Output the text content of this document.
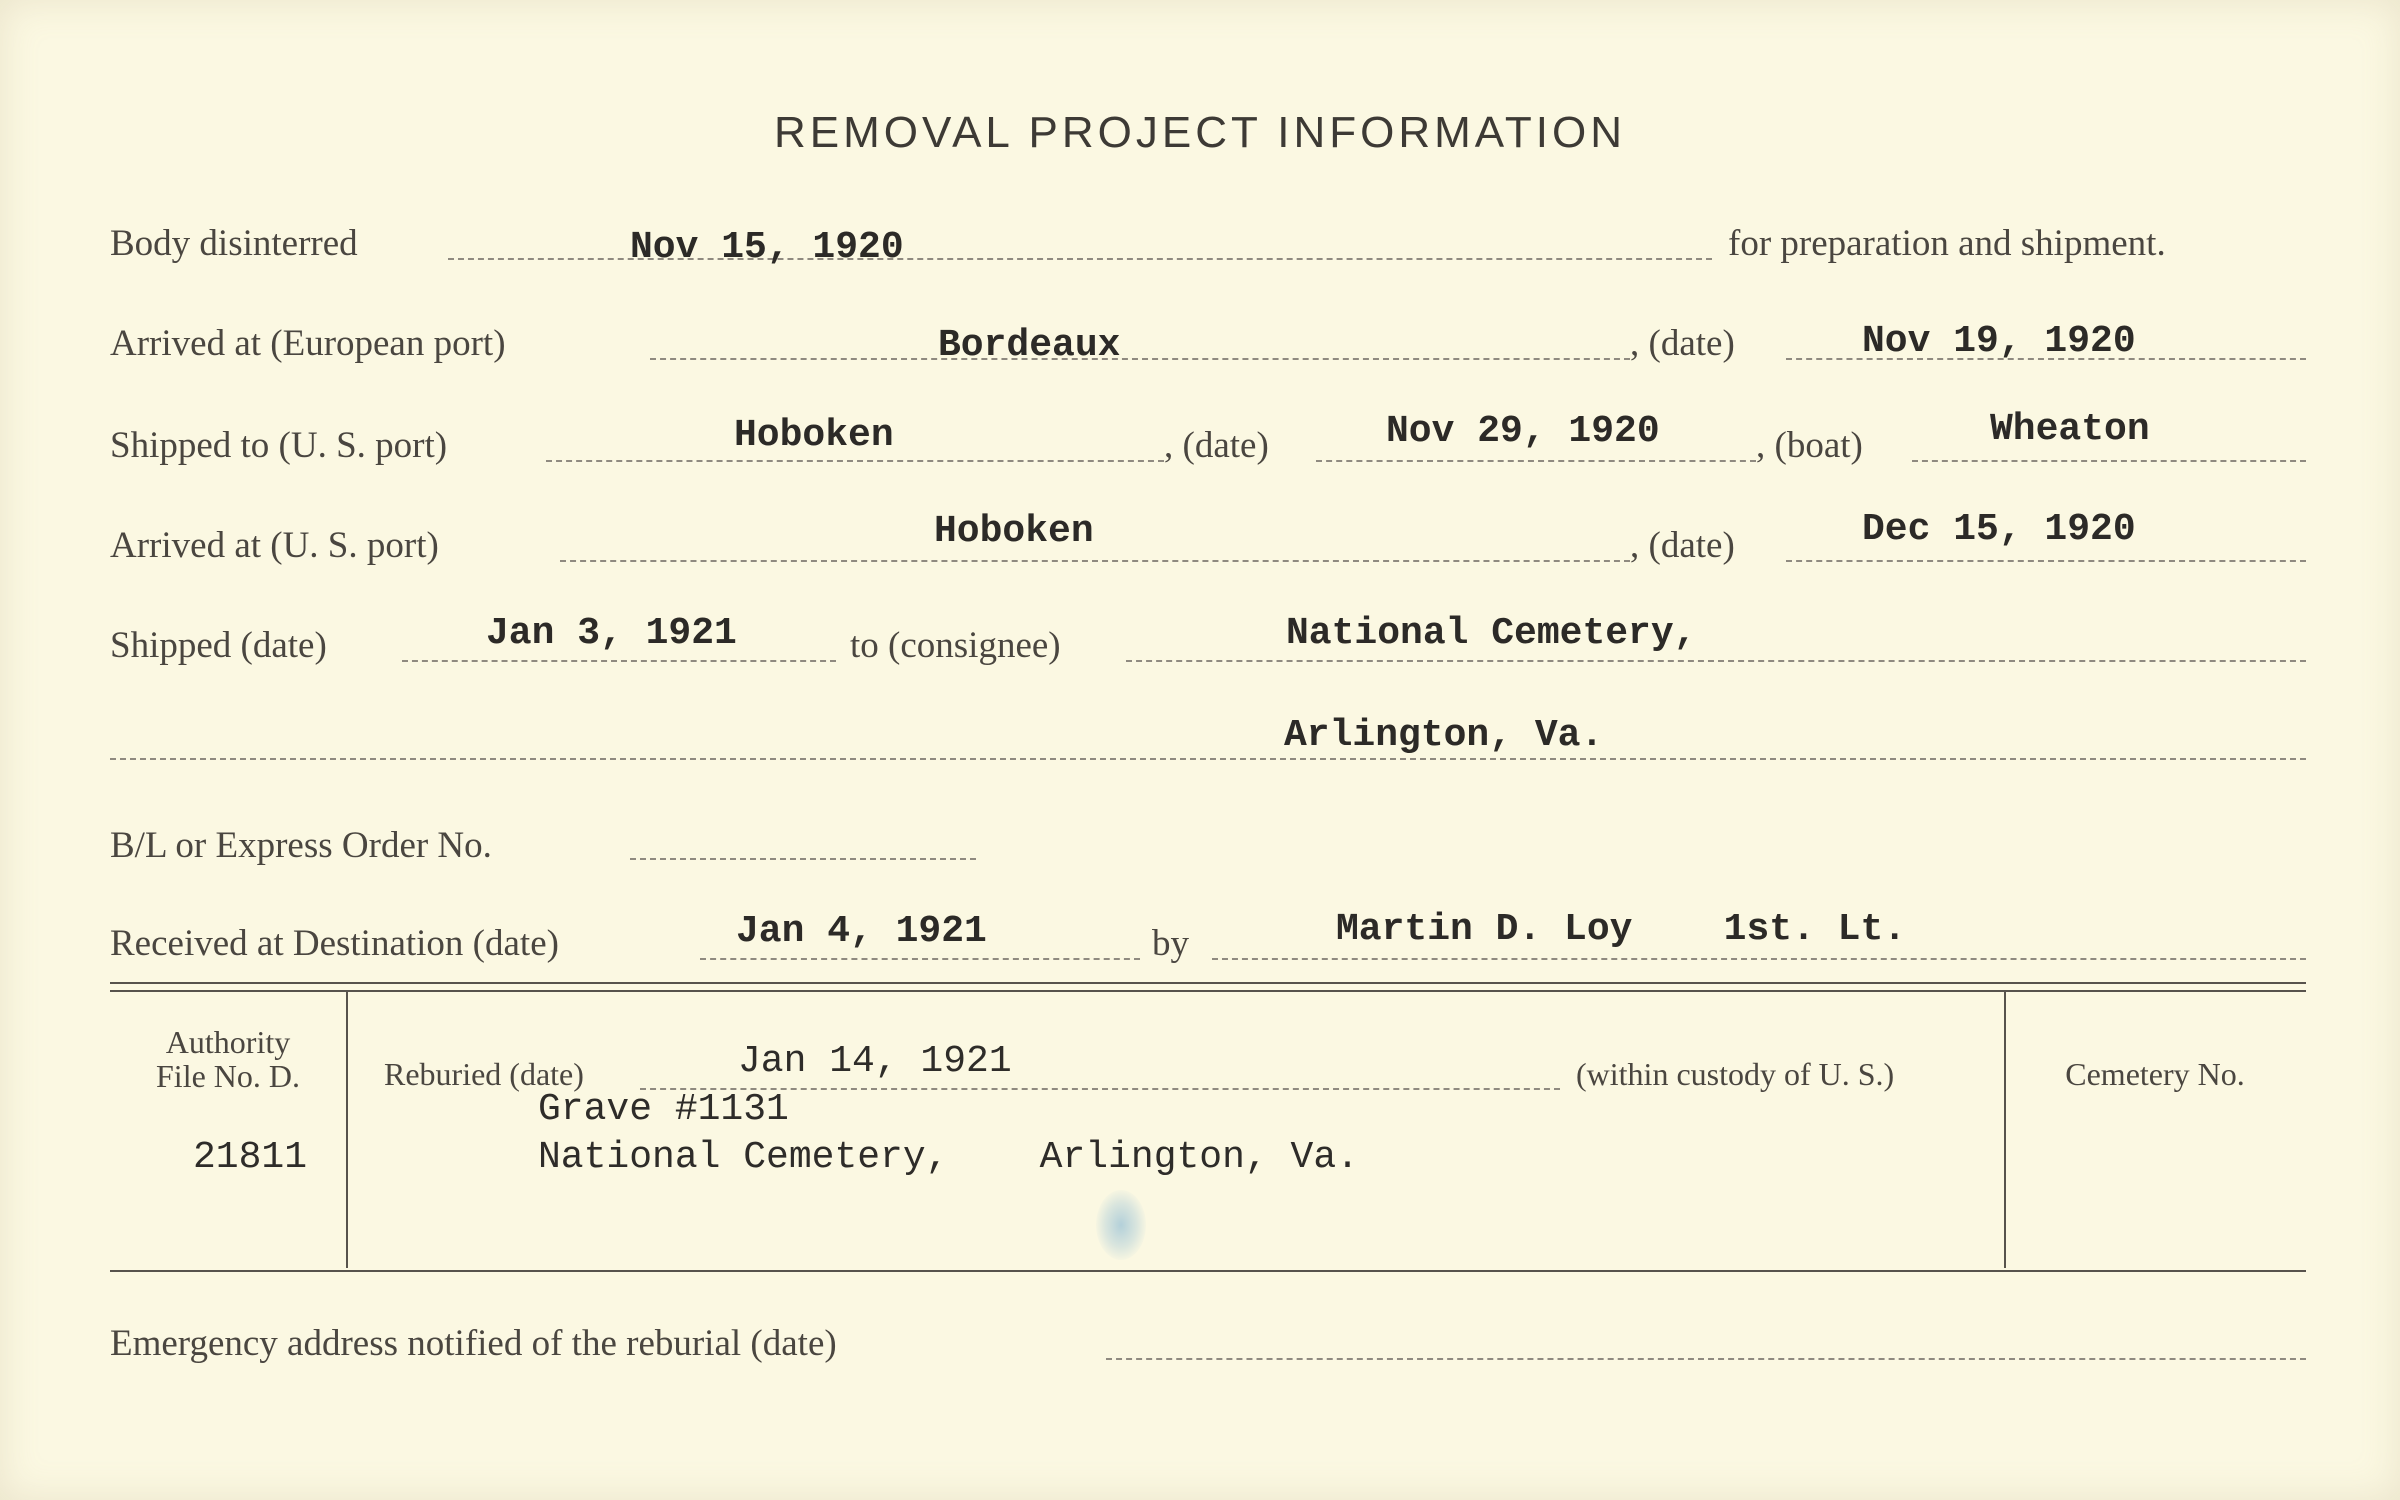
REMOVAL PROJECT INFORMATION
Body disinterred	Nov 15, 1920	for preparation and shipment.
Arrived at (European port)	Bordeaux	, (date)	Nov 19, 1920
Shipped to (U. S. port)	Hoboken	, (date)	Nov 29, 1920	, (boat)	Wheaton
Arrived at (U. S. port)	Hoboken	, (date)	Dec 15, 1920
Shipped (date)	Jan 3, 1921	to (consignee)	National Cemetery,
Arlington, Va.
B/L or Express Order No.
Received at Destination (date)	Jan 4, 1921	by	Martin D. Loy    1st. Lt.
Authority
File No. D.
21811
Reburied (date)	Jan 14, 1921	(within custody of U. S.)
Grave #1131
National Cemetery,    Arlington, Va.
Cemetery No.
Emergency address notified of the reburial (date)
